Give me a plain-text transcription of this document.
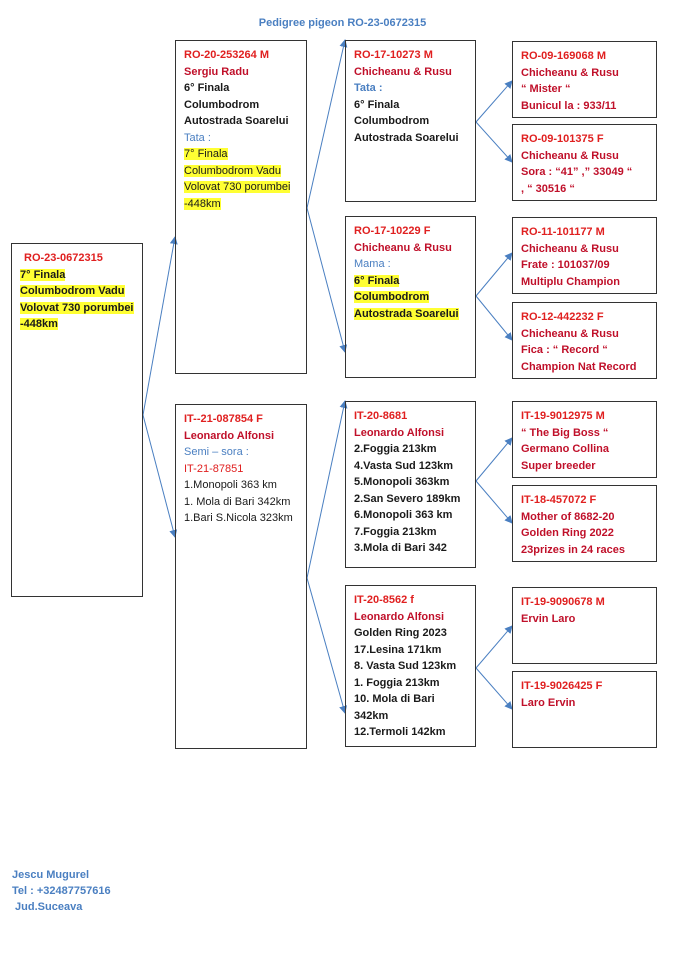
Pedigree pigeon RO-23-0672315
RO-23-0672315
7° Finala Columbodrom Vadu Volovat 730 porumbei -448km
RO-20-253264 M
Sergiu Radu
6° Finala Columbodrom Autostrada Soarelui
Tata :
7° Finala Columbodrom Vadu Volovat 730 porumbei -448km
IT--21-087854 F
Leonardo Alfonsi
Semi – sora :
IT-21-87851
1.Monopoli 363 km
1. Mola di Bari 342km
1.Bari S.Nicola 323km
RO-17-10273 M
Chicheanu & Rusu
Tata :
6° Finala Columbodrom Autostrada Soarelui
RO-17-10229 F
Chicheanu & Rusu
Mama :
6° Finala Columbodrom Autostrada Soarelui
IT-20-8681
Leonardo Alfonsi
2.Foggia 213km
4.Vasta Sud 123km
5.Monopoli 363km
2.San Severo 189km
6.Monopoli 363 km
7.Foggia 213km
3.Mola di Bari 342
IT-20-8562 f
Leonardo Alfonsi
Golden Ring 2023
17.Lesina 171km
8. Vasta Sud 123km
1. Foggia 213km
10. Mola di Bari 342km
12.Termoli 142km
RO-09-169068 M
Chicheanu & Rusu
“ Mister “
Bunicul la : 933/11
RO-09-101375 F
Chicheanu & Rusu
Sora : “41” ,” 33049 “
, “ 30516 “
RO-11-101177 M
Chicheanu & Rusu
Frate : 101037/09
Multiplu Champion
RO-12-442232 F
Chicheanu & Rusu
Fica : “ Record “
Champion Nat Record
IT-19-9012975 M
“ The Big Boss “
Germano Collina
Super breeder
IT-18-457072 F
Mother of 8682-20
Golden Ring 2022
23prizes in 24 races
IT-19-9090678 M
Ervin Laro
IT-19-9026425 F
Laro Ervin
Jescu Mugurel
Tel : +32487757616
Jud.Suceava
